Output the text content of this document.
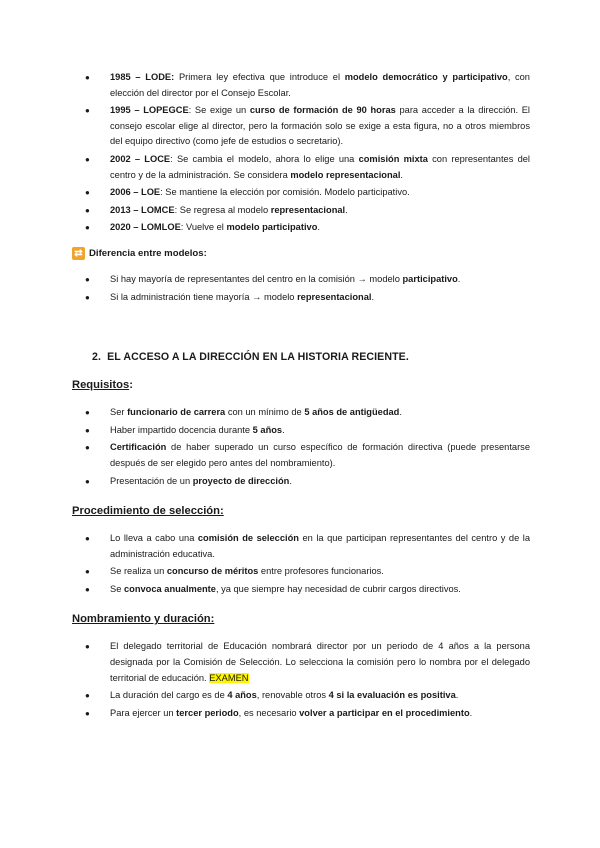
● 1985 – LODE: Primera ley efectiva que introduce el modelo democrático y participativo, con elección del director por el Consejo Escolar.
● 1995 – LOPEGCE: Se exige un curso de formación de 90 horas para acceder a la dirección. El consejo escolar elige al director, pero la formación solo se exige a esta figura, no a otros miembros del equipo directivo (como jefe de estudios o secretario).
● 2002 – LOCE: Se cambia el modelo, ahora lo elige una comisión mixta con representantes del centro y de la administración. Se considera modelo representacional.
● 2006 – LOE: Se mantiene la elección por comisión. Modelo participativo.
● 2013 – LOMCE: Se regresa al modelo representacional.
● 2020 – LOMLOE: Vuelve el modelo participativo.
⇄ Diferencia entre modelos:
● Si hay mayoría de representantes del centro en la comisión → modelo participativo.
● Si la administración tiene mayoría → modelo representacional.
2. EL ACCESO A LA DIRECCIÓN EN LA HISTORIA RECIENTE.
Requisitos:
● Ser funcionario de carrera con un mínimo de 5 años de antigüedad.
● Haber impartido docencia durante 5 años.
● Certificación de haber superado un curso específico de formación directiva (puede presentarse después de ser elegido pero antes del nombramiento).
● Presentación de un proyecto de dirección.
Procedimiento de selección:
● Lo lleva a cabo una comisión de selección en la que participan representantes del centro y de la administración educativa.
● Se realiza un concurso de méritos entre profesores funcionarios.
● Se convoca anualmente, ya que siempre hay necesidad de cubrir cargos directivos.
Nombramiento y duración:
● El delegado territorial de Educación nombrará director por un periodo de 4 años a la persona designada por la Comisión de Selección. Lo selecciona la comisión pero lo nombra por el delegado territorial de educación. EXAMEN
● La duración del cargo es de 4 años, renovable otros 4 si la evaluación es positiva.
● Para ejercer un tercer periodo, es necesario volver a participar en el procedimiento.
